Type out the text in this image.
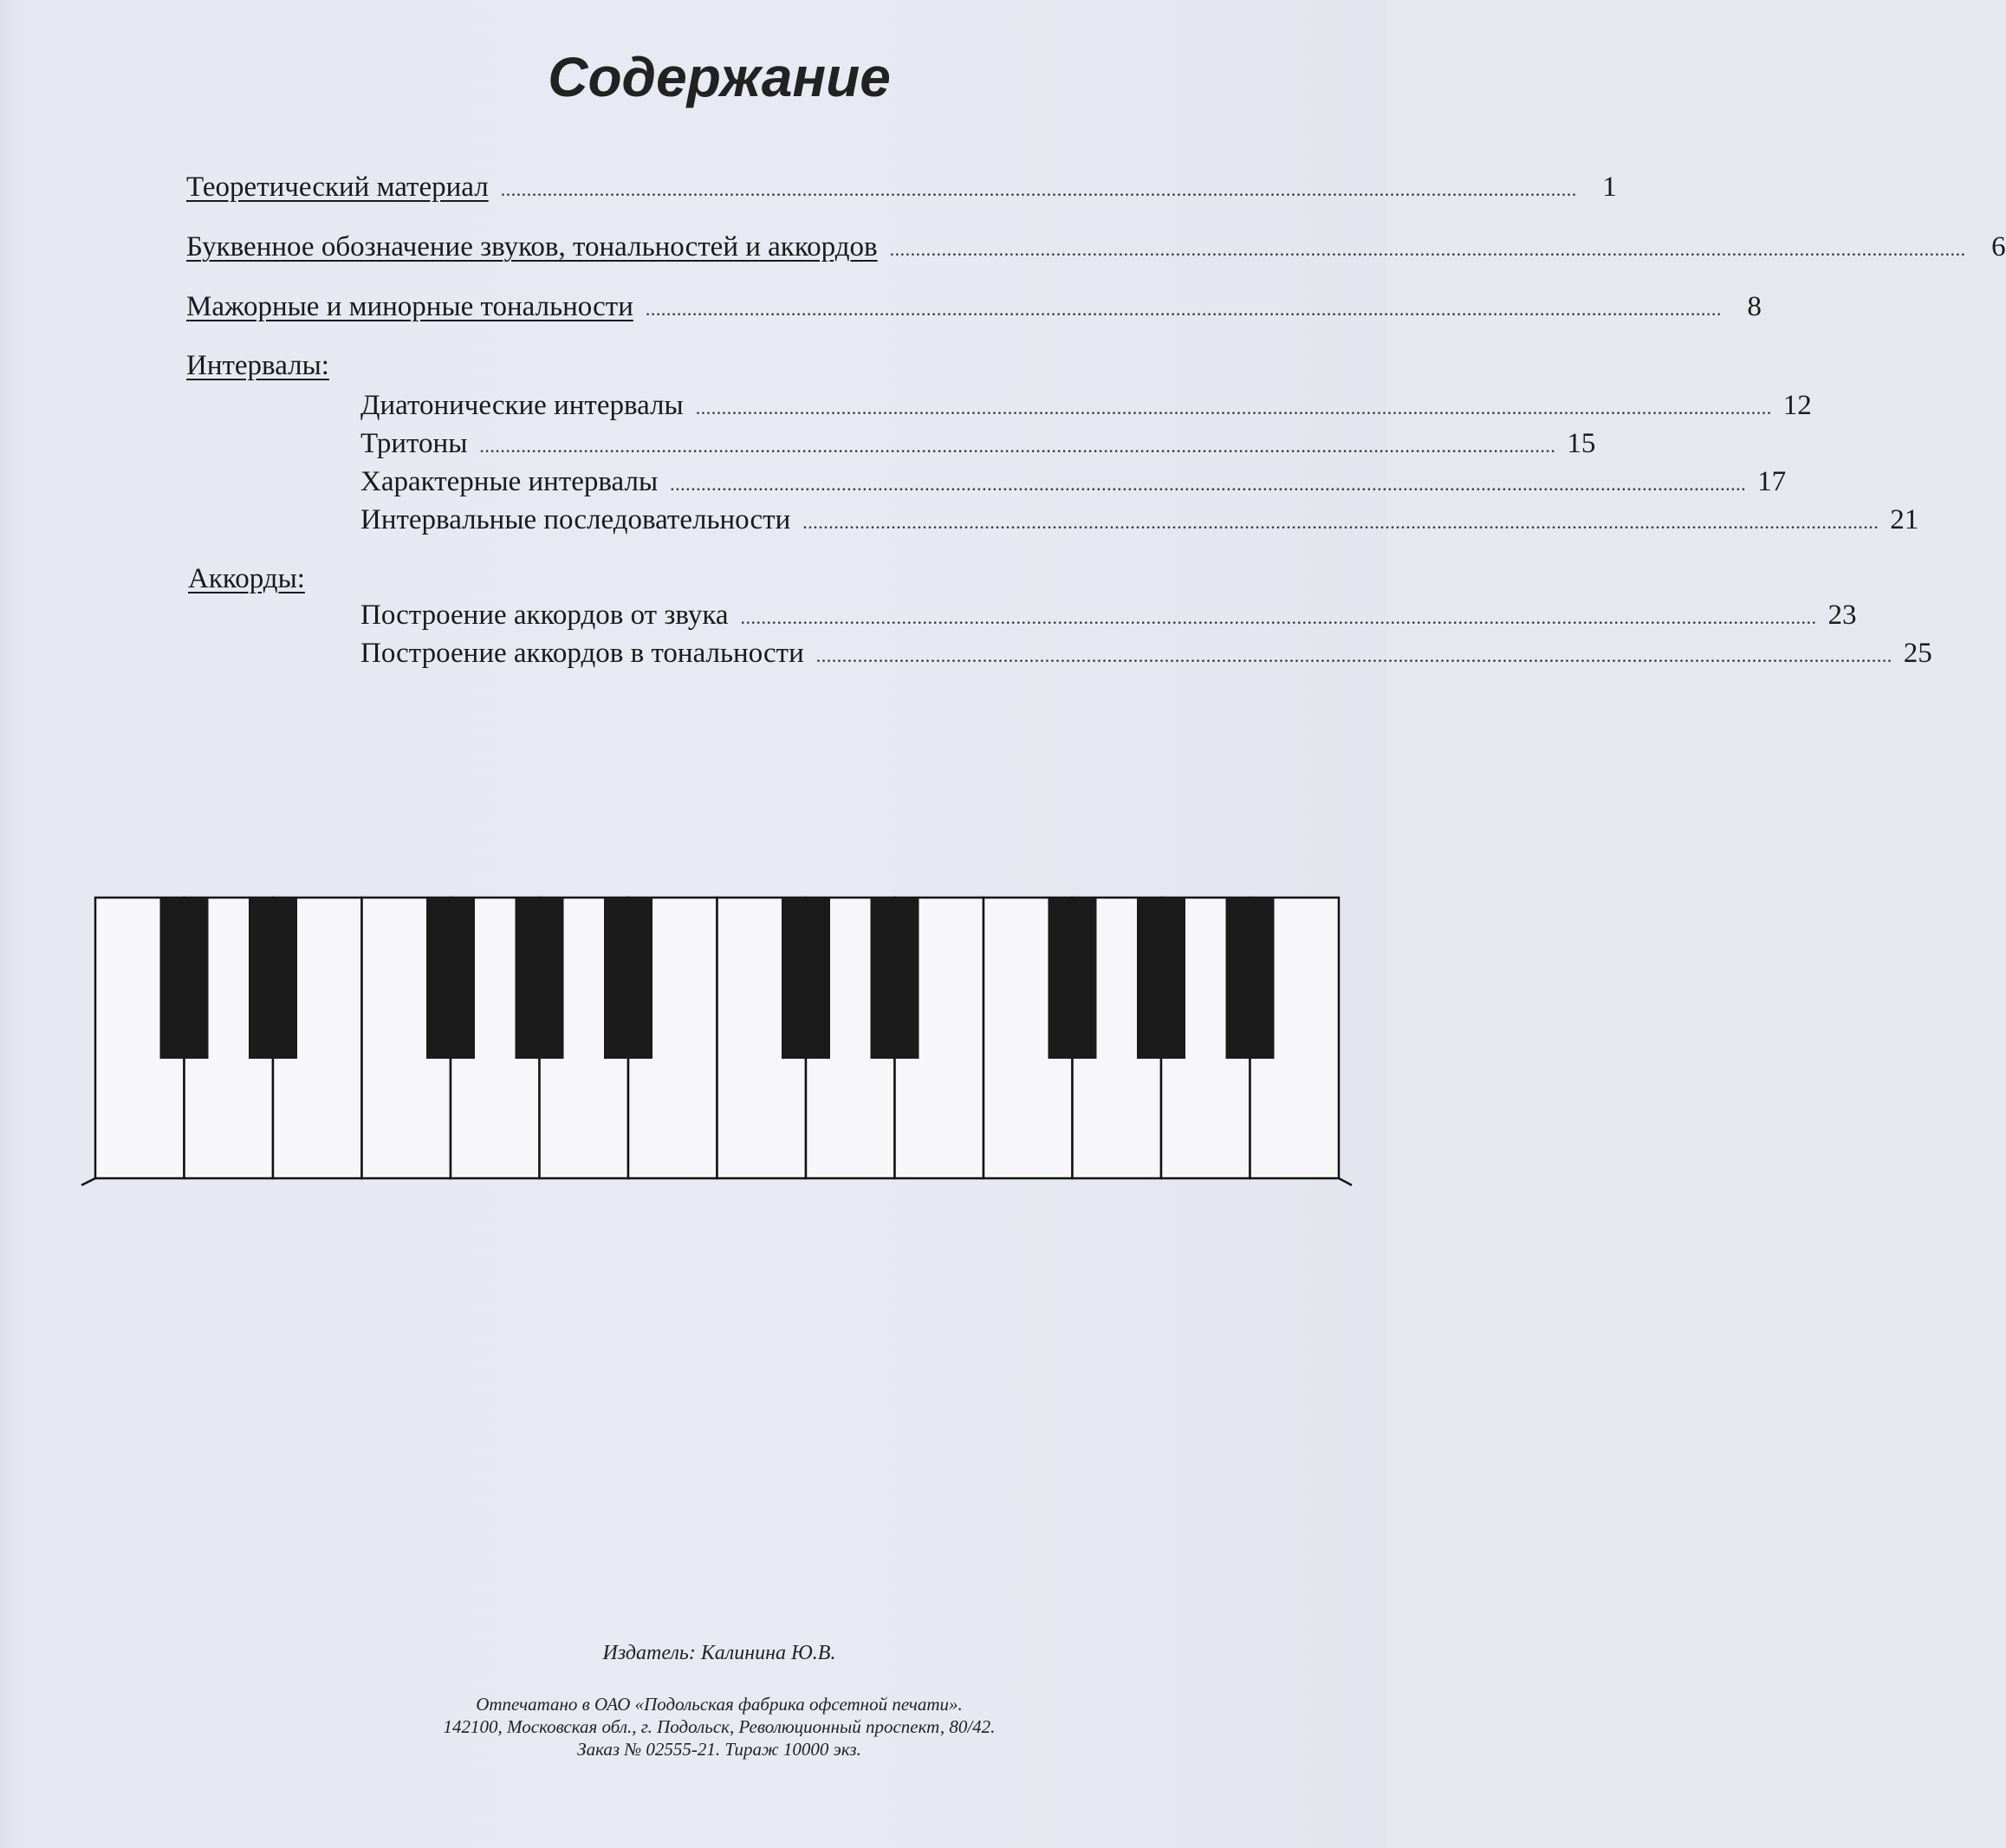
Содержание
Теоретический материал ............................................................................................................................................................................................................... 1
Буквенное обозначение звуков, тональностей и аккордов ............................................................................................................................................................................................................... 6
Мажорные и минорные тональности ............................................................................................................................................................................................................... 8
Интервалы:
Диатонические интервалы ............................................................................................................................................................................................................... 12
Тритоны ............................................................................................................................................................................................................... 15
Характерные интервалы ............................................................................................................................................................................................................... 17
Интервальные последовательности ............................................................................................................................................................................................................... 21
Аккорды:
Построение аккордов от звука ............................................................................................................................................................................................................... 23
Построение аккордов в тональности ............................................................................................................................................................................................................... 25
Издатель: Калинина Ю.В.
Отпечатано в ОАО «Подольская фабрика офсетной печати».
142100, Московская обл., г. Подольск, Революционный проспект, 80/42.
Заказ № 02555-21. Тираж 10000 экз.
